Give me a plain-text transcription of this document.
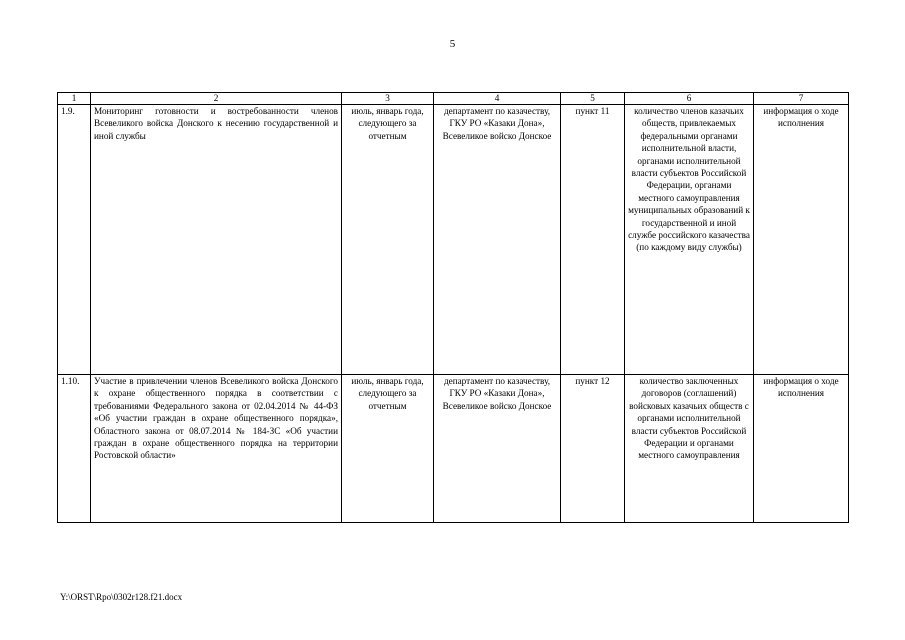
5
1	2	3	4	5	6	7
1.9.	Мониторинг готовности и востребованности членов Всевеликого войска Донского к несению государственной и иной службы	июль, январь года, следующего за отчетным	департамент по казачеству, ГКУ РО «Казаки Дона», Всевеликое войско Донское	пункт 11	количество членов казачьих обществ, привлекаемых федеральными органами исполнительной власти, органами исполнительной власти субъектов Российской Федерации, органами местного самоуправления муниципальных образований к государственной и иной службе российского казачества (по каждому виду службы)	информация о ходе исполнения
1.10.	Участие в привлечении членов Всевеликого войска Донского к охране общественного порядка в соответствии с требованиями Федерального закона от 02.04.2014 № 44-ФЗ «Об участии граждан в охране общественного порядка», Областного закона от 08.07.2014 № 184-ЗС «Об участии граждан в охране общественного порядка на территории Ростовской области»	июль, январь года, следующего за отчетным	департамент по казачеству, ГКУ РО «Казаки Дона», Всевеликое войско Донское	пункт 12	количество заключенных договоров (соглашений) войсковых казачьих обществ с органами исполнительной власти субъектов Российской Федерации и органами местного самоуправления	информация о ходе исполнения
Y:\ORST\Rpo\0302r128.f21.docx
